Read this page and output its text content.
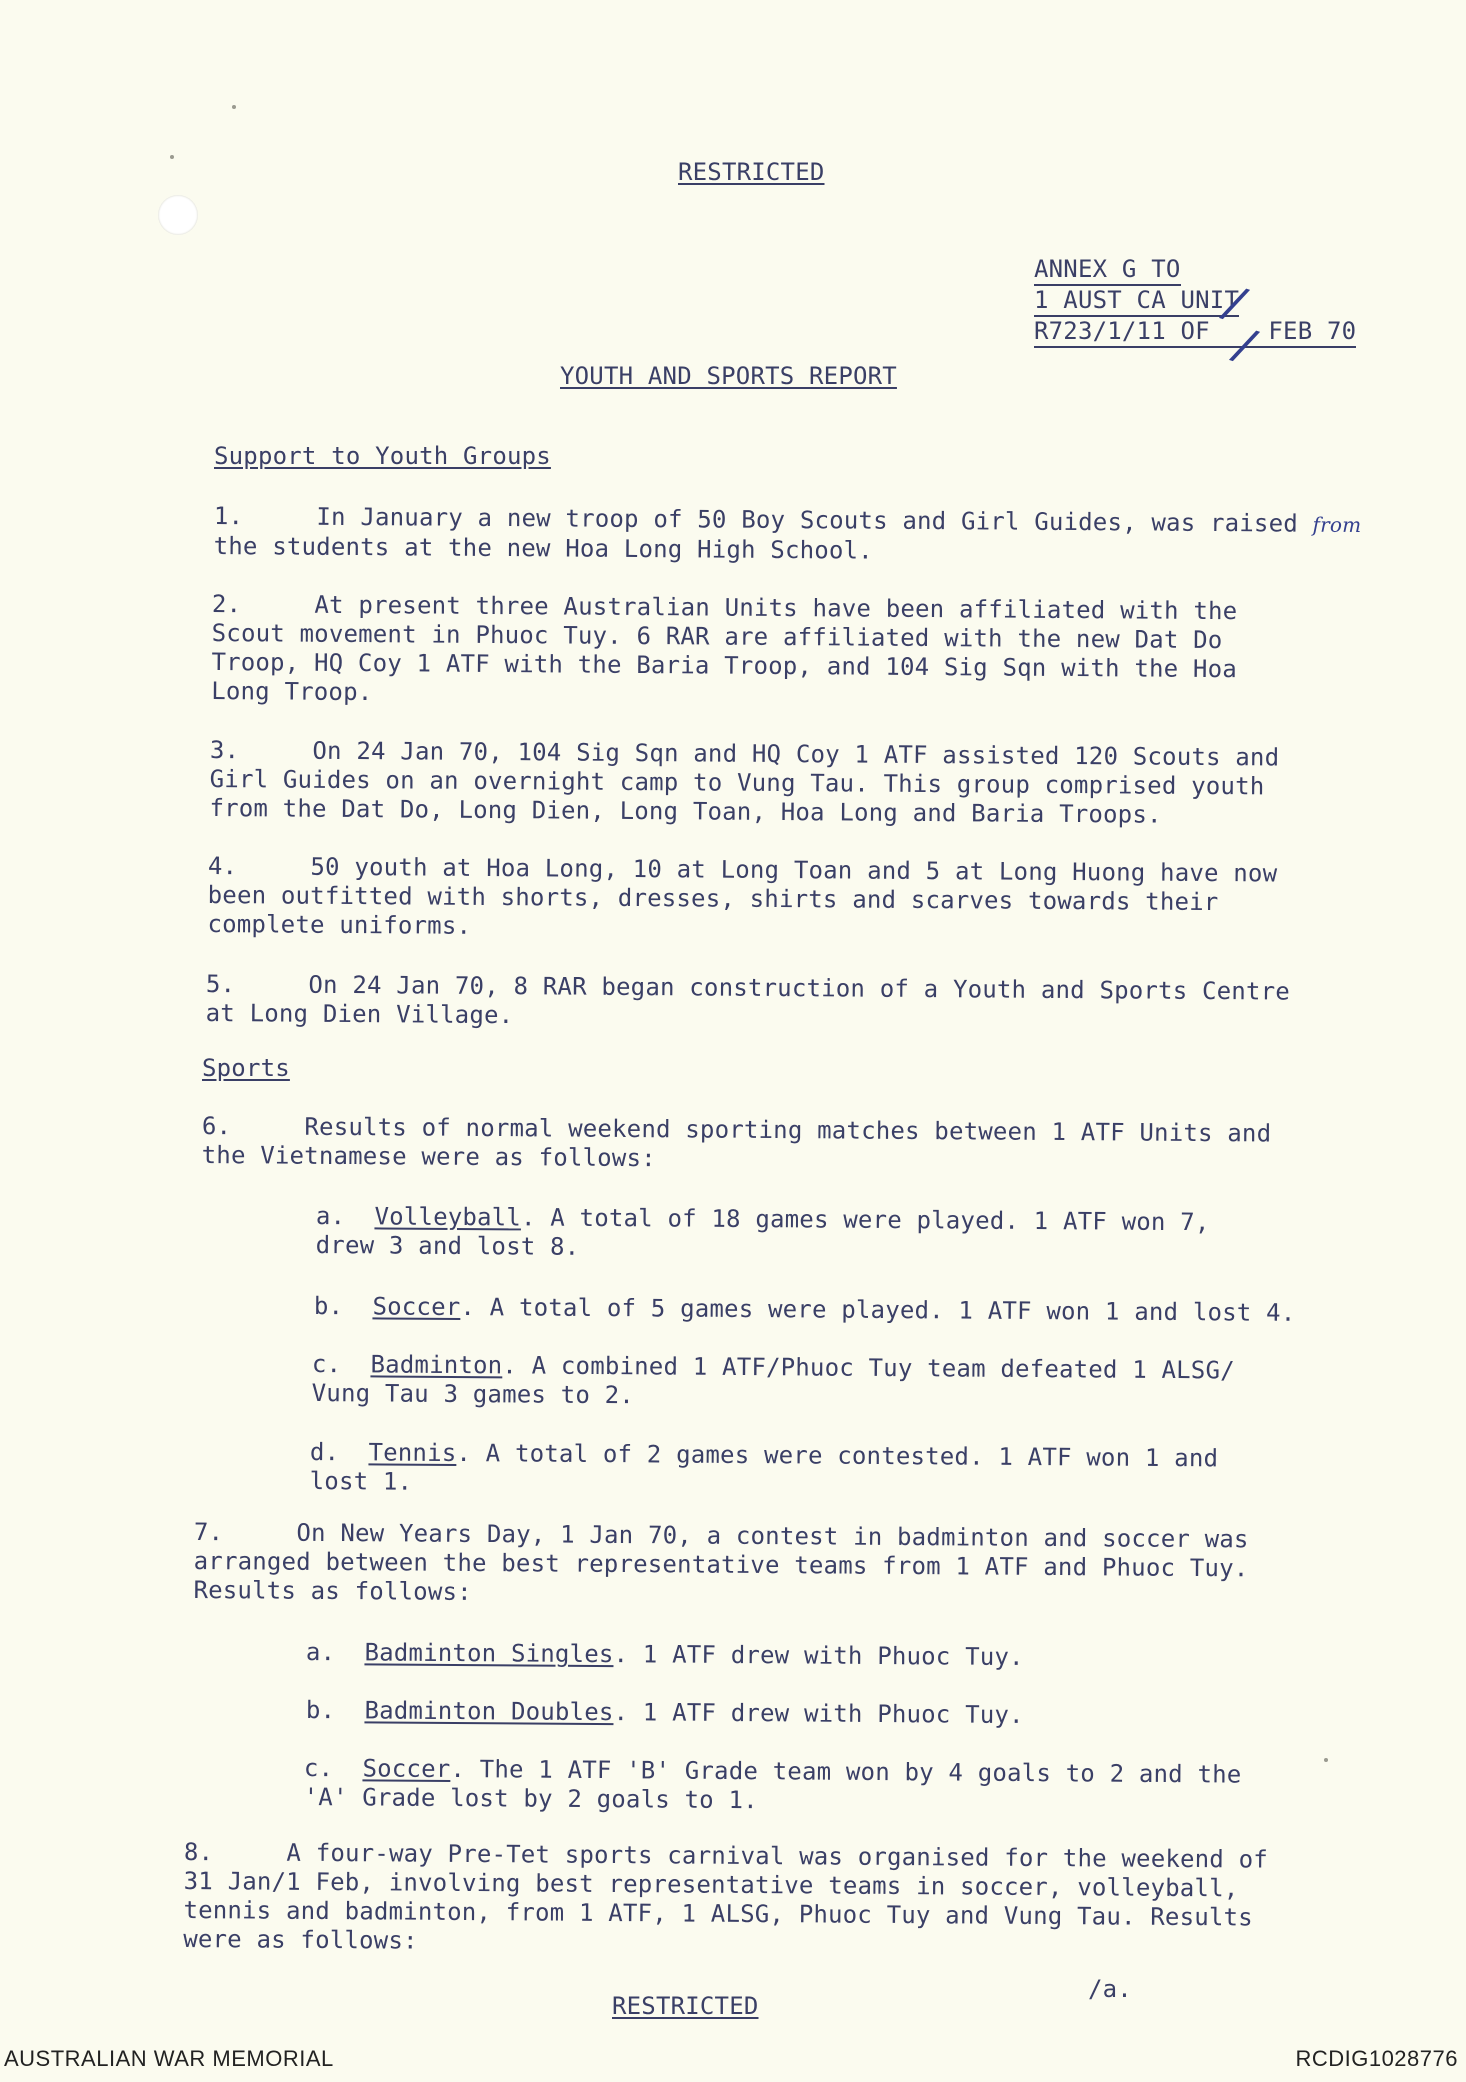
RESTRICTED
ANNEX G TO
1 AUST CA UNIT
R723/1/11 OF FEB 70
/
/
YOUTH AND SPORTS REPORT
Support to Youth Groups
1.	In January a new troop of 50 Boy Scouts and Girl Guides, was raised from
the students at the new Hoa Long High School.
2.	At present three Australian Units have been affiliated with the
Scout movement in Phuoc Tuy. 6 RAR are affiliated with the new Dat Do
Troop, HQ Coy 1 ATF with the Baria Troop, and 104 Sig Sqn with the Hoa
Long Troop.
3.	On 24 Jan 70, 104 Sig Sqn and HQ Coy 1 ATF assisted 120 Scouts and
Girl Guides on an overnight camp to Vung Tau. This group comprised youth
from the Dat Do, Long Dien, Long Toan, Hoa Long and Baria Troops.
4.	50 youth at Hoa Long, 10 at Long Toan and 5 at Long Huong have now
been outfitted with shorts, dresses, shirts and scarves towards their
complete uniforms.
5.	On 24 Jan 70, 8 RAR began construction of a Youth and Sports Centre
at Long Dien Village.
Sports
6.	Results of normal weekend sporting matches between 1 ATF Units and
the Vietnamese were as follows:
a. Volleyball. A total of 18 games were played. 1 ATF won 7,
drew 3 and lost 8.
b. Soccer. A total of 5 games were played. 1 ATF won 1 and lost 4.
c. Badminton. A combined 1 ATF/Phuoc Tuy team defeated 1 ALSG/
Vung Tau 3 games to 2.
d. Tennis. A total of 2 games were contested. 1 ATF won 1 and
lost 1.
7.	On New Years Day, 1 Jan 70, a contest in badminton and soccer was
arranged between the best representative teams from 1 ATF and Phuoc Tuy.
Results as follows:
a. Badminton Singles. 1 ATF drew with Phuoc Tuy.
b. Badminton Doubles. 1 ATF drew with Phuoc Tuy.
c. Soccer. The 1 ATF 'B' Grade team won by 4 goals to 2 and the
'A' Grade lost by 2 goals to 1.
8.	A four-way Pre-Tet sports carnival was organised for the weekend of
31 Jan/1 Feb, involving best representative teams in soccer, volleyball,
tennis and badminton, from 1 ATF, 1 ALSG, Phuoc Tuy and Vung Tau. Results
were as follows:
/a.
RESTRICTED
AUSTRALIAN WAR MEMORIAL	RCDIG1028776
